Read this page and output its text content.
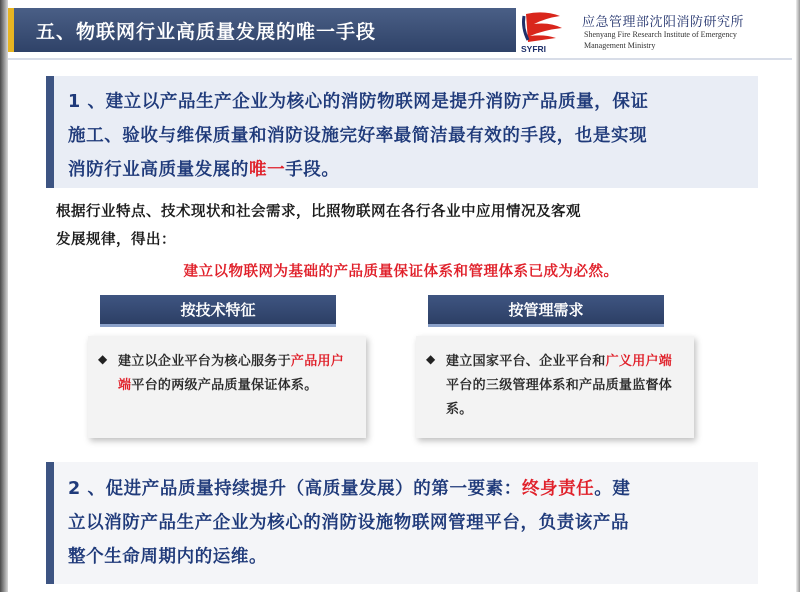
五、物联网行业高质量发展的唯一手段
SYFRI
应急管理部沈阳消防研究所
Shenyang Fire Research Institute of Emergency
Management Ministry

1 、建立以产品生产企业为核心的消防物联网是提升消防产品质量，保证

施工、验收与维保质量和消防设施完好率最简洁最有效的手段，也是实现

消防行业高质量发展的唯一手段。

根据行业特点、技术现状和社会需求，比照物联网在各行各业中应用情况及客观
发展规律，得出：
建立以物联网为基础的产品质量保证体系和管理体系已成为必然。
按技术特征	按管理需求
◆ 建立以企业平台为核心服务于产品用户端平台的两级产品质量保证体系。
◆ 建立国家平台、企业平台和广义用户端平台的三级管理体系和产品质量监督体系。

2 、促进产品质量持续提升（高质量发展）的第一要素：终身责任。建

立以消防产品生产企业为核心的消防设施物联网管理平台，负责该产品

整个生命周期内的运维。
